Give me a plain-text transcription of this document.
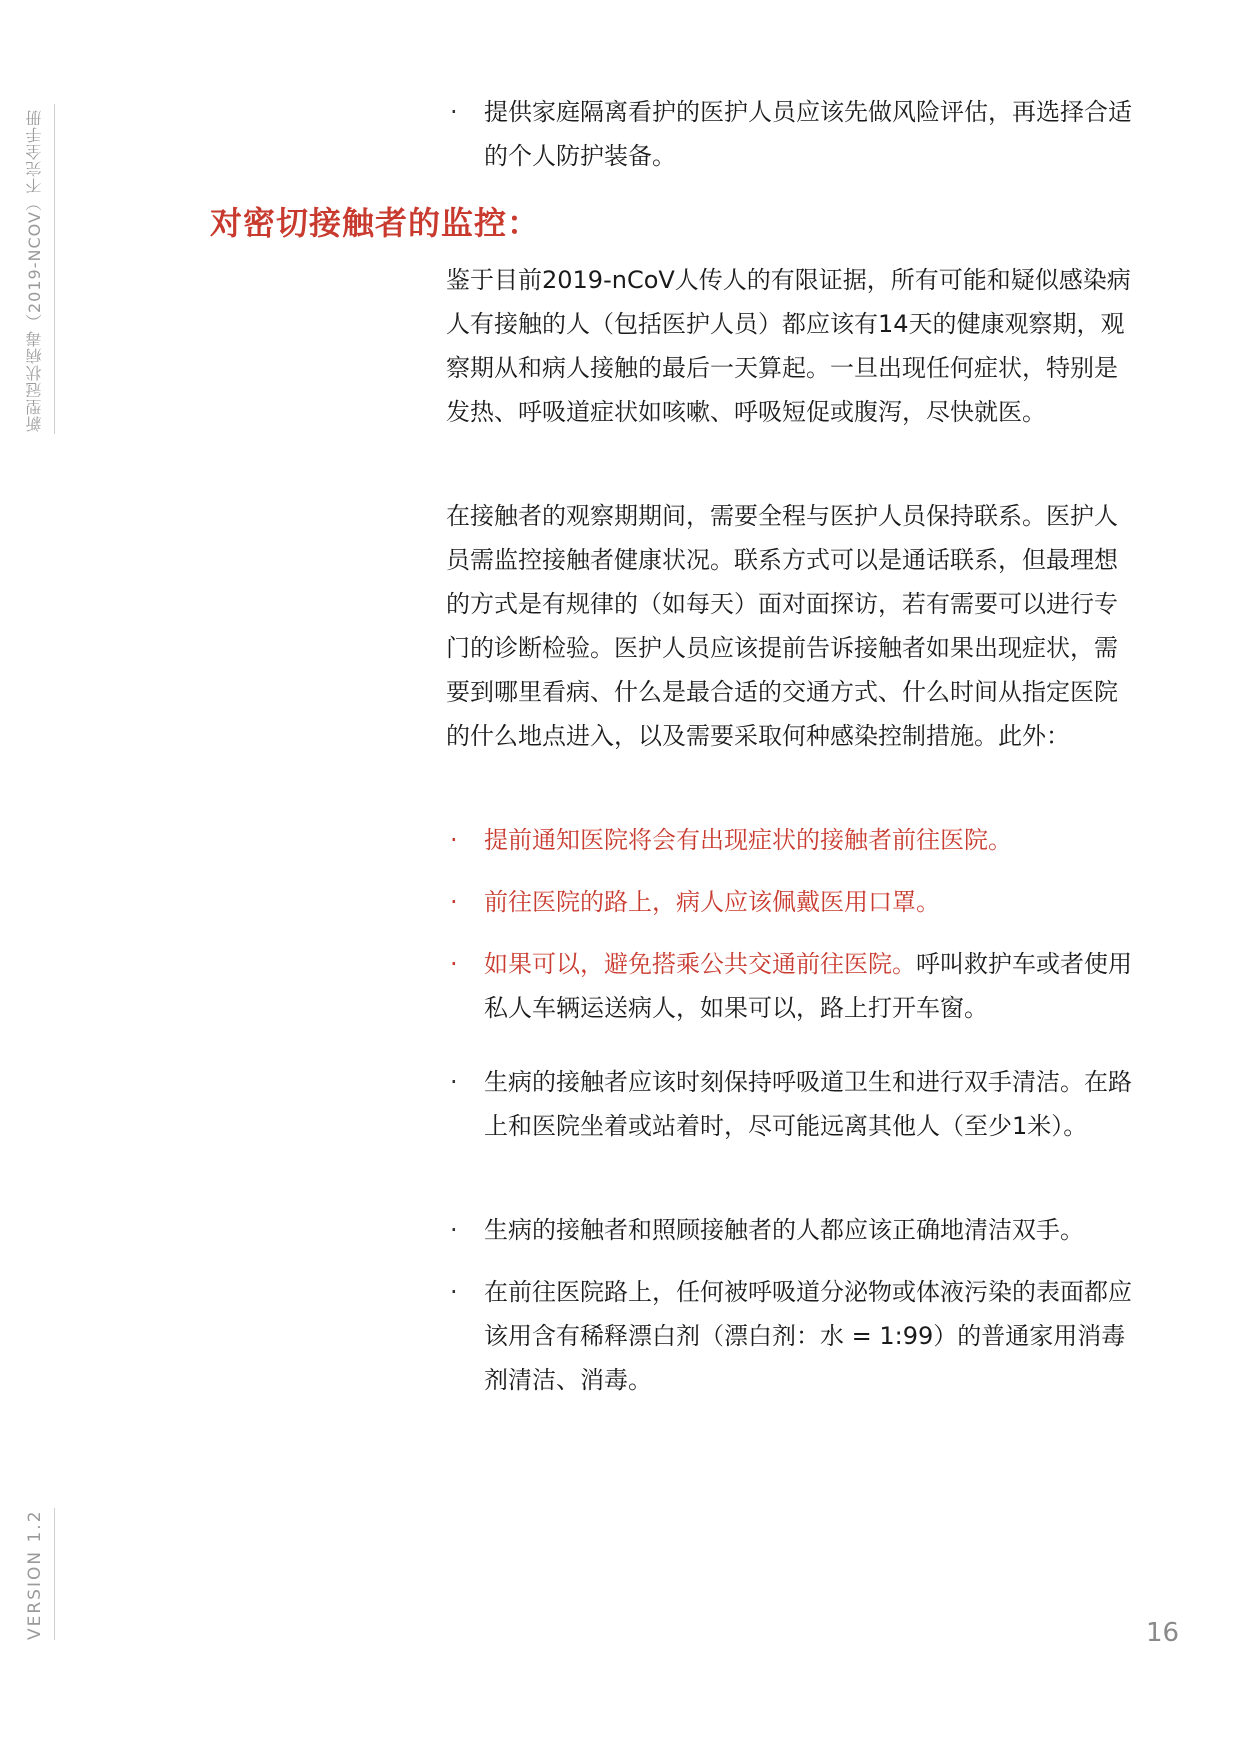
新型冠状病毒（2019-NCOV）不完全手册
VERSION 1.2	16

· 提供家庭隔离看护的医护人员应该先做风险评估，再选择合适的个人防护装备。

对密切接触者的监控：

鉴于目前2019-nCoV人传人的有限证据，所有可能和疑似感染病人有接触的人（包括医护人员）都应该有14天的健康观察期，观察期从和病人接触的最后一天算起。一旦出现任何症状，特别是发热、呼吸道症状如咳嗽、呼吸短促或腹泻，尽快就医。

在接触者的观察期期间，需要全程与医护人员保持联系。医护人员需监控接触者健康状况。联系方式可以是通话联系，但最理想的方式是有规律的（如每天）面对面探访，若有需要可以进行专门的诊断检验。医护人员应该提前告诉接触者如果出现症状，需要到哪里看病、什么是最合适的交通方式、什么时间从指定医院的什么地点进入，以及需要采取何种感染控制措施。此外：

· 提前通知医院将会有出现症状的接触者前往医院。

· 前往医院的路上，病人应该佩戴医用口罩。

· 如果可以，避免搭乘公共交通前往医院。呼叫救护车或者使用私人车辆运送病人，如果可以，路上打开车窗。

· 生病的接触者应该时刻保持呼吸道卫生和进行双手清洁。在路上和医院坐着或站着时，尽可能远离其他人（至少1米）。

· 生病的接触者和照顾接触者的人都应该正确地清洁双手。

· 在前往医院路上，任何被呼吸道分泌物或体液污染的表面都应该用含有稀释漂白剂（漂白剂：水 = 1:99）的普通家用消毒剂清洁、消毒。
